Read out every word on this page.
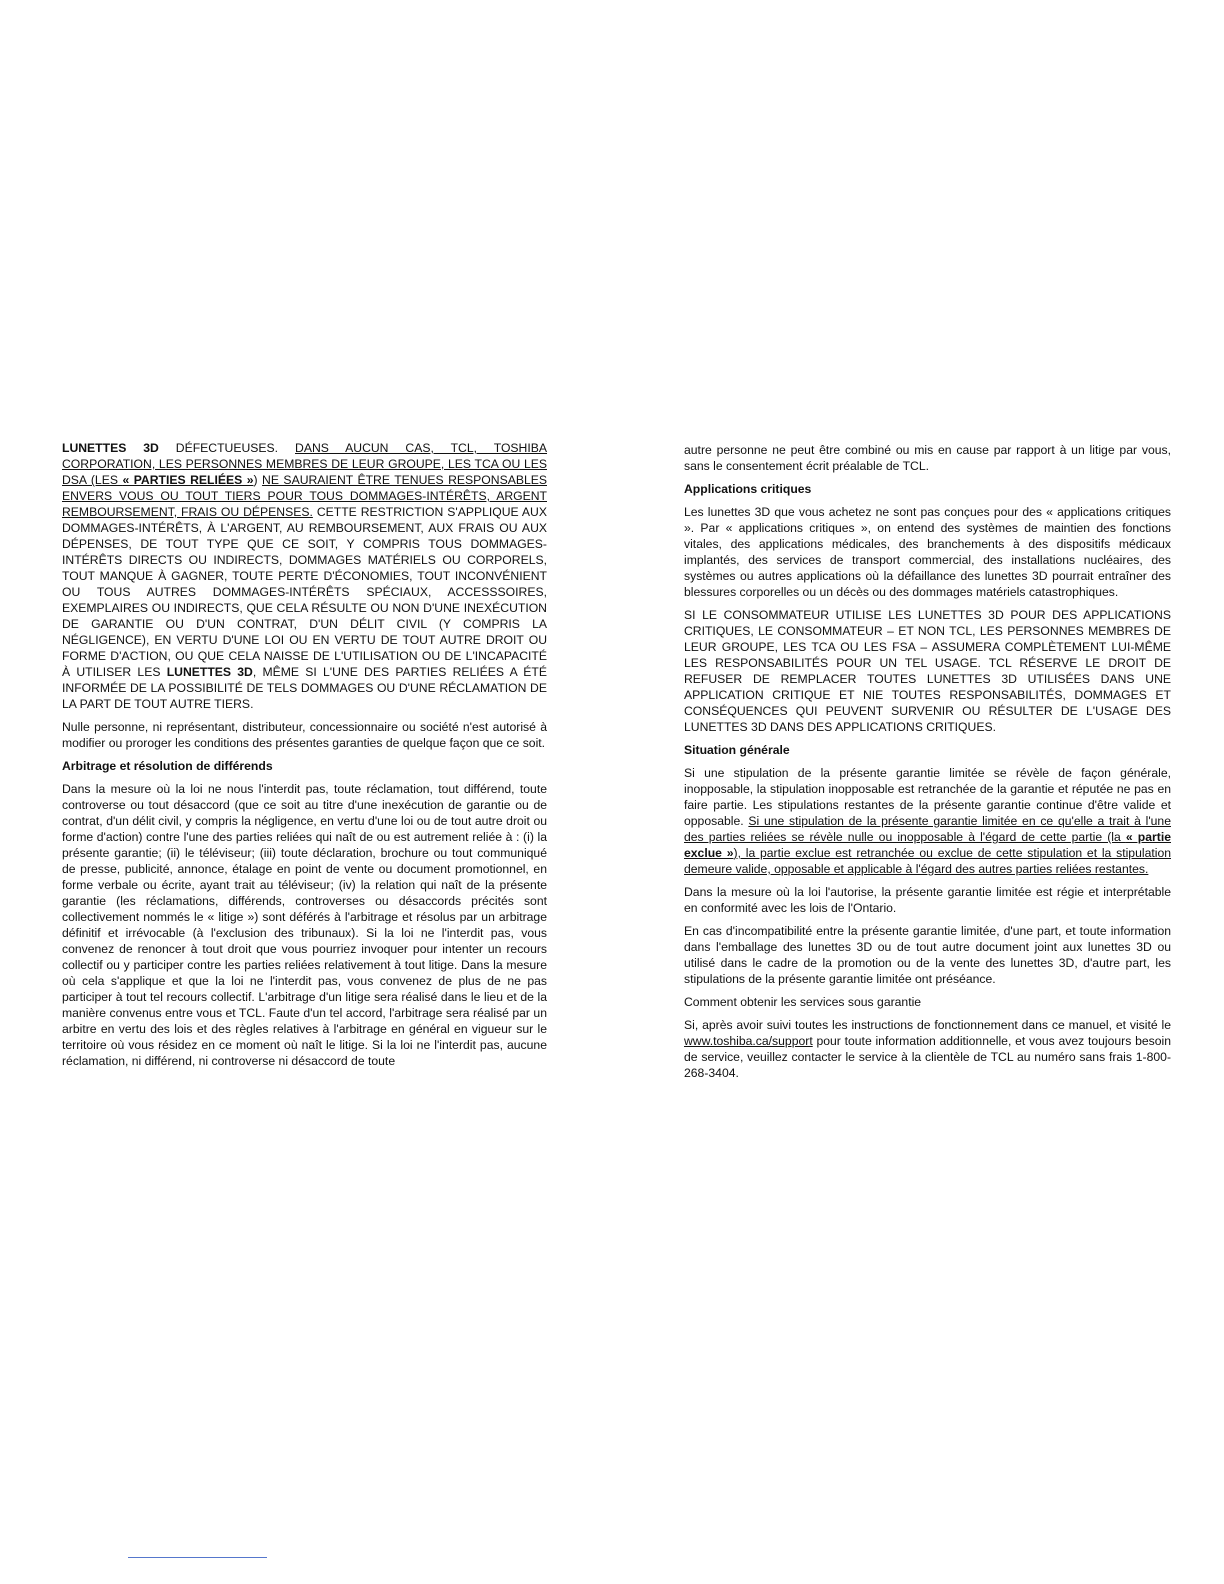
LUNETTES 3D DÉFECTUEUSES. DANS AUCUN CAS, TCL, TOSHIBA CORPORATION, LES PERSONNES MEMBRES DE LEUR GROUPE, LES TCA OU LES DSA (LES « PARTIES RELIÉES ») NE SAURAIENT ÊTRE TENUES RESPONSABLES ENVERS VOUS OU TOUT TIERS POUR TOUS DOMMAGES-INTÉRÊTS, ARGENT REMBOURSEMENT, FRAIS OU DÉPENSES. CETTE RESTRICTION S'APPLIQUE AUX DOMMAGES-INTÉRÊTS, À L'ARGENT, AU REMBOURSEMENT, AUX FRAIS OU AUX DÉPENSES, DE TOUT TYPE QUE CE SOIT, Y COMPRIS TOUS DOMMAGES-INTÉRÊTS DIRECTS OU INDIRECTS, DOMMAGES MATÉRIELS OU CORPORELS, TOUT MANQUE À GAGNER, TOUTE PERTE D'ÉCONOMIES, TOUT INCONVÉNIENT OU TOUS AUTRES DOMMAGES-INTÉRÊTS SPÉCIAUX, ACCESSSOIRES, EXEMPLAIRES OU INDIRECTS, QUE CELA RÉSULTE OU NON D'UNE INEXÉCUTION DE GARANTIE OU D'UN CONTRAT, D'UN DÉLIT CIVIL (Y COMPRIS LA NÉGLIGENCE), EN VERTU D'UNE LOI OU EN VERTU DE TOUT AUTRE DROIT OU FORME D'ACTION, OU QUE CELA NAISSE DE L'UTILISATION OU DE L'INCAPACITÉ À UTILISER LES LUNETTES 3D, MÊME SI L'UNE DES PARTIES RELIÉES A ÉTÉ INFORMÉE DE LA POSSIBILITÉ DE TELS DOMMAGES OU D'UNE RÉCLAMATION DE LA PART DE TOUT AUTRE TIERS.

Nulle personne, ni représentant, distributeur, concessionnaire ou société n'est autorisé à modifier ou proroger les conditions des présentes garanties de quelque façon que ce soit.

Arbitrage et résolution de différends

Dans la mesure où la loi ne nous l'interdit pas, toute réclamation, tout différend, toute controverse ou tout désaccord (que ce soit au titre d'une inexécution de garantie ou de contrat, d'un délit civil, y compris la négligence, en vertu d'une loi ou de tout autre droit ou forme d'action) contre l'une des parties reliées qui naît de ou est autrement reliée à : (i) la présente garantie; (ii) le téléviseur; (iii) toute déclaration, brochure ou tout communiqué de presse, publicité, annonce, étalage en point de vente ou document promotionnel, en forme verbale ou écrite, ayant trait au téléviseur; (iv) la relation qui naît de la présente garantie (les réclamations, différends, controverses ou désaccords précités sont collectivement nommés le « litige ») sont déférés à l'arbitrage et résolus par un arbitrage définitif et irrévocable (à l'exclusion des tribunaux). Si la loi ne l'interdit pas, vous convenez de renoncer à tout droit que vous pourriez invoquer pour intenter un recours collectif ou y participer contre les parties reliées relativement à tout litige. Dans la mesure où cela s'applique et que la loi ne l'interdit pas, vous convenez de plus de ne pas participer à tout tel recours collectif. L'arbitrage d'un litige sera réalisé dans le lieu et de la manière convenus entre vous et TCL. Faute d'un tel accord, l'arbitrage sera réalisé par un arbitre en vertu des lois et des règles relatives à l'arbitrage en général en vigueur sur le territoire où vous résidez en ce moment où naît le litige. Si la loi ne l'interdit pas, aucune réclamation, ni différend, ni controverse ni désaccord de toute

autre personne ne peut être combiné ou mis en cause par rapport à un litige par vous, sans le consentement écrit préalable de TCL.

Applications critiques

Les lunettes 3D que vous achetez ne sont pas conçues pour des « applications critiques ». Par « applications critiques », on entend des systèmes de maintien des fonctions vitales, des applications médicales, des branchements à des dispositifs médicaux implantés, des services de transport commercial, des installations nucléaires, des systèmes ou autres applications où la défaillance des lunettes 3D pourrait entraîner des blessures corporelles ou un décès ou des dommages matériels catastrophiques.

SI LE CONSOMMATEUR UTILISE LES LUNETTES 3D POUR DES APPLICATIONS CRITIQUES, LE CONSOMMATEUR – ET NON TCL, LES PERSONNES MEMBRES DE LEUR GROUPE, LES TCA OU LES FSA – ASSUMERA COMPLÈTEMENT LUI-MÊME LES RESPONSABILITÉS POUR UN TEL USAGE. TCL RÉSERVE LE DROIT DE REFUSER DE REMPLACER TOUTES LUNETTES 3D UTILISÉES DANS UNE APPLICATION CRITIQUE ET NIE TOUTES RESPONSABILITÉS, DOMMAGES ET CONSÉQUENCES QUI PEUVENT SURVENIR OU RÉSULTER DE L'USAGE DES LUNETTES 3D DANS DES APPLICATIONS CRITIQUES.

Situation générale

Si une stipulation de la présente garantie limitée se révèle de façon générale, inopposable, la stipulation inopposable est retranchée de la garantie et réputée ne pas en faire partie. Les stipulations restantes de la présente garantie continue d'être valide et opposable. Si une stipulation de la présente garantie limitée en ce qu'elle a trait à l'une des parties reliées se révèle nulle ou inopposable à l'égard de cette partie (la « partie exclue »), la partie exclue est retranchée ou exclue de cette stipulation et la stipulation demeure valide, opposable et applicable à l'égard des autres parties reliées restantes.

Dans la mesure où la loi l'autorise, la présente garantie limitée est régie et interprétable en conformité avec les lois de l'Ontario.

En cas d'incompatibilité entre la présente garantie limitée, d'une part, et toute information dans l'emballage des lunettes 3D ou de tout autre document joint aux lunettes 3D ou utilisé dans le cadre de la promotion ou de la vente des lunettes 3D, d'autre part, les stipulations de la présente garantie limitée ont préséance.

Comment obtenir les services sous garantie

Si, après avoir suivi toutes les instructions de fonctionnement dans ce manuel, et visité le www.toshiba.ca/support pour toute information additionnelle, et vous avez toujours besoin de service, veuillez contacter le service à la clientèle de TCL au numéro sans frais 1-800-268-3404.
